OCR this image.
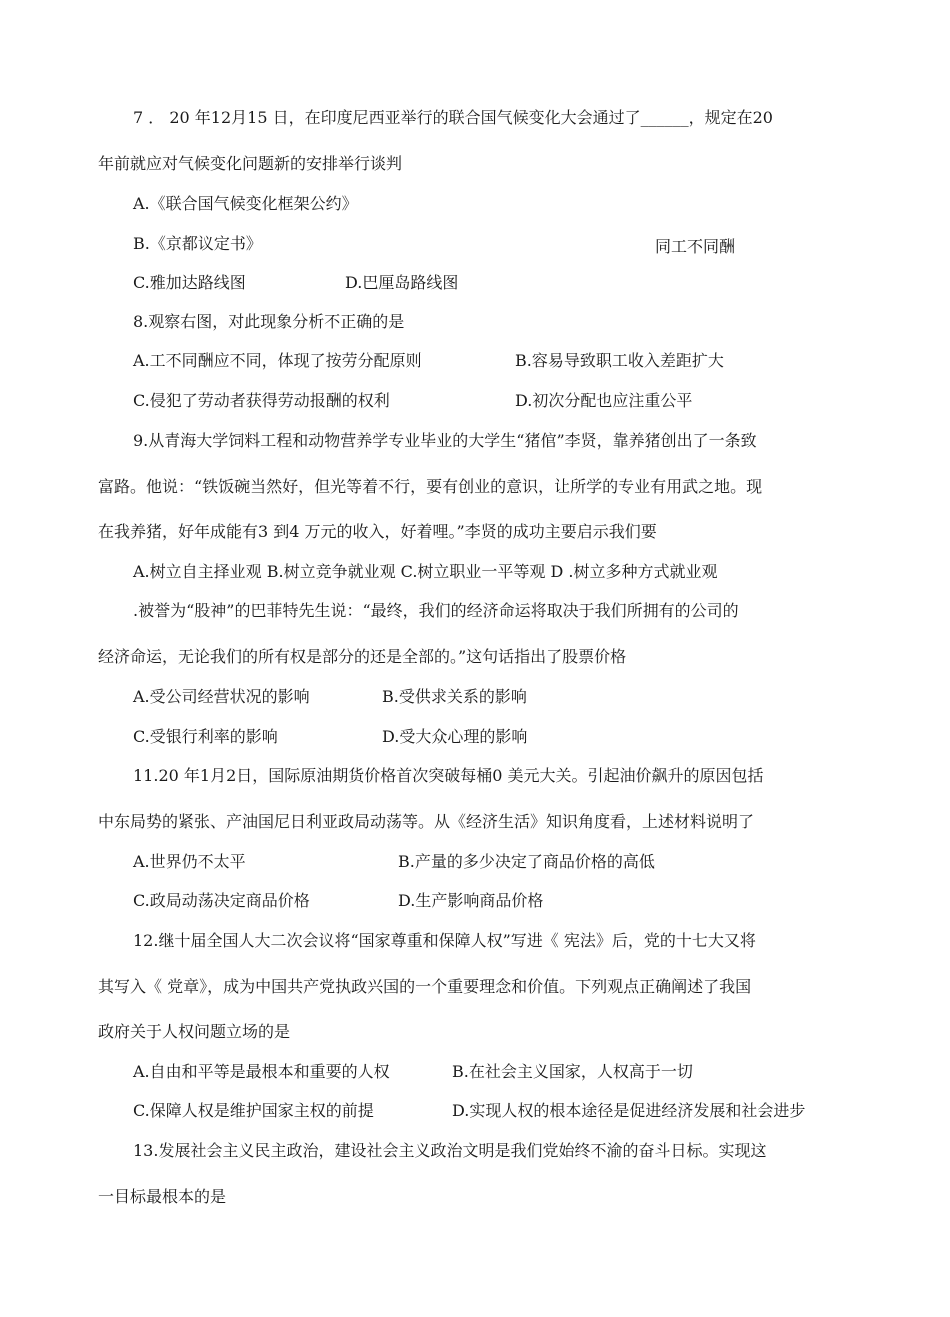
7 ． 20 年12月15 日，在印度尼西亚举行的联合国气候变化大会通过了______，规定在20
年前就应对气候变化问题新的安排举行谈判
A.《联合国气候变化框架公约》
B.《京都议定书》	同工不同酬
C.雅加达路线图	D.巴厘岛路线图
8.观察右图，对此现象分析不正确的是
A.工不同酬应不同，体现了按劳分配原则	B.容易导致职工收入差距扩大
C.侵犯了劳动者获得劳动报酬的权利	D.初次分配也应注重公平
9.从青海大学饲料工程和动物营养学专业毕业的大学生“猪倌”李贤，靠养猪创出了一条致
富路。他说：“铁饭碗当然好，但光等着不行，要有创业的意识，让所学的专业有用武之地。现
在我养猪，好年成能有3 到4 万元的收入，好着哩。”李贤的成功主要启示我们要
A.树立自主择业观 B.树立竞争就业观 C.树立职业一平等观 D .树立多种方式就业观
.被誉为“股神”的巴菲特先生说：“最终，我们的经济命运将取决于我们所拥有的公司的
经济命运，无论我们的所有权是部分的还是全部的。”这句话指出了股票价格
A.受公司经营状况的影响	B.受供求关系的影响
C.受银行利率的影响	D.受大众心理的影响
11.20 年1月2日，国际原油期货价格首次突破每桶0 美元大关。引起油价飙升的原因包括
中东局势的紧张、产油国尼日利亚政局动荡等。从《经济生活》知识角度看，上述材料说明了
A.世界仍不太平	B.产量的多少决定了商品价格的高低
C.政局动荡决定商品价格	D.生产影响商品价格
12.继十届全国人大二次会议将“国家尊重和保障人权”写进《 宪法》后，党的十七大又将
其写入《 党章》，成为中国共产党执政兴国的一个重要理念和价值。下列观点正确阐述了我国
政府关于人权问题立场的是
A.自由和平等是最根本和重要的人权	B.在社会主义国家，人权高于一切
C.保障人权是维护国家主权的前提	D.实现人权的根本途径是促进经济发展和社会进步
13.发展社会主义民主政治，建设社会主义政治文明是我们党始终不渝的奋斗日标。实现这
一目标最根本的是
